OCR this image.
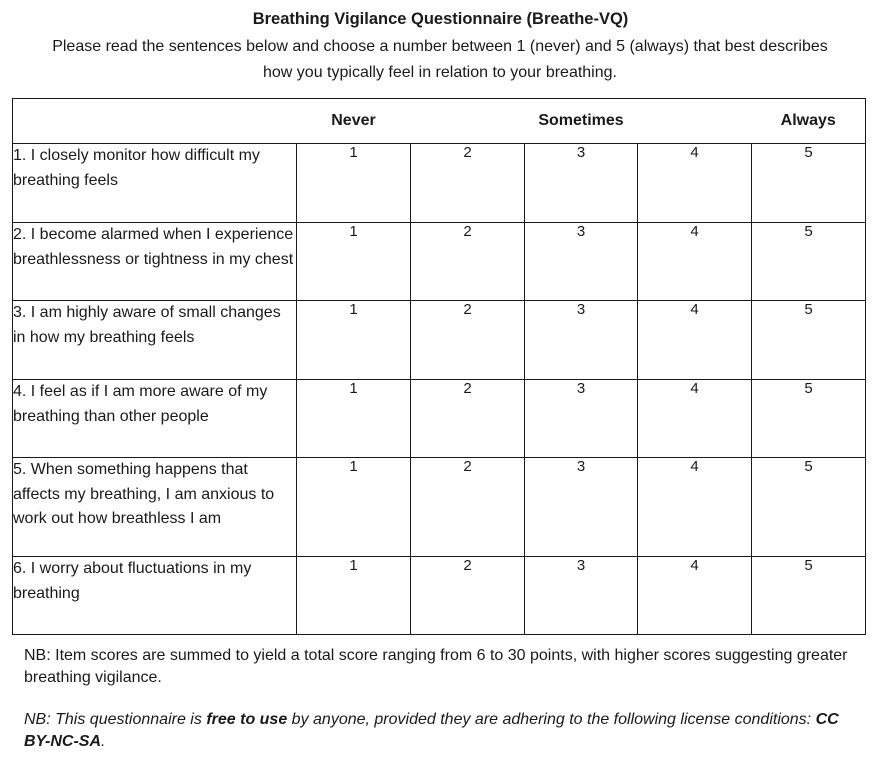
Breathing Vigilance Questionnaire (Breathe-VQ)
Please read the sentences below and choose a number between 1 (never) and 5 (always) that best describes how you typically feel in relation to your breathing.
	Never		Sometimes		Always
1. I closely monitor how difficult my breathing feels	1	2	3	4	5
2. I become alarmed when I experience breathlessness or tightness in my chest	1	2	3	4	5
3. I am highly aware of small changes in how my breathing feels	1	2	3	4	5
4. I feel as if I am more aware of my breathing than other people	1	2	3	4	5
5. When something happens that affects my breathing, I am anxious to work out how breathless I am	1	2	3	4	5
6. I worry about fluctuations in my breathing	1	2	3	4	5
NB: Item scores are summed to yield a total score ranging from 6 to 30 points, with higher scores suggesting greater breathing vigilance.
NB: This questionnaire is free to use by anyone, provided they are adhering to the following license conditions: CC BY-NC-SA.
